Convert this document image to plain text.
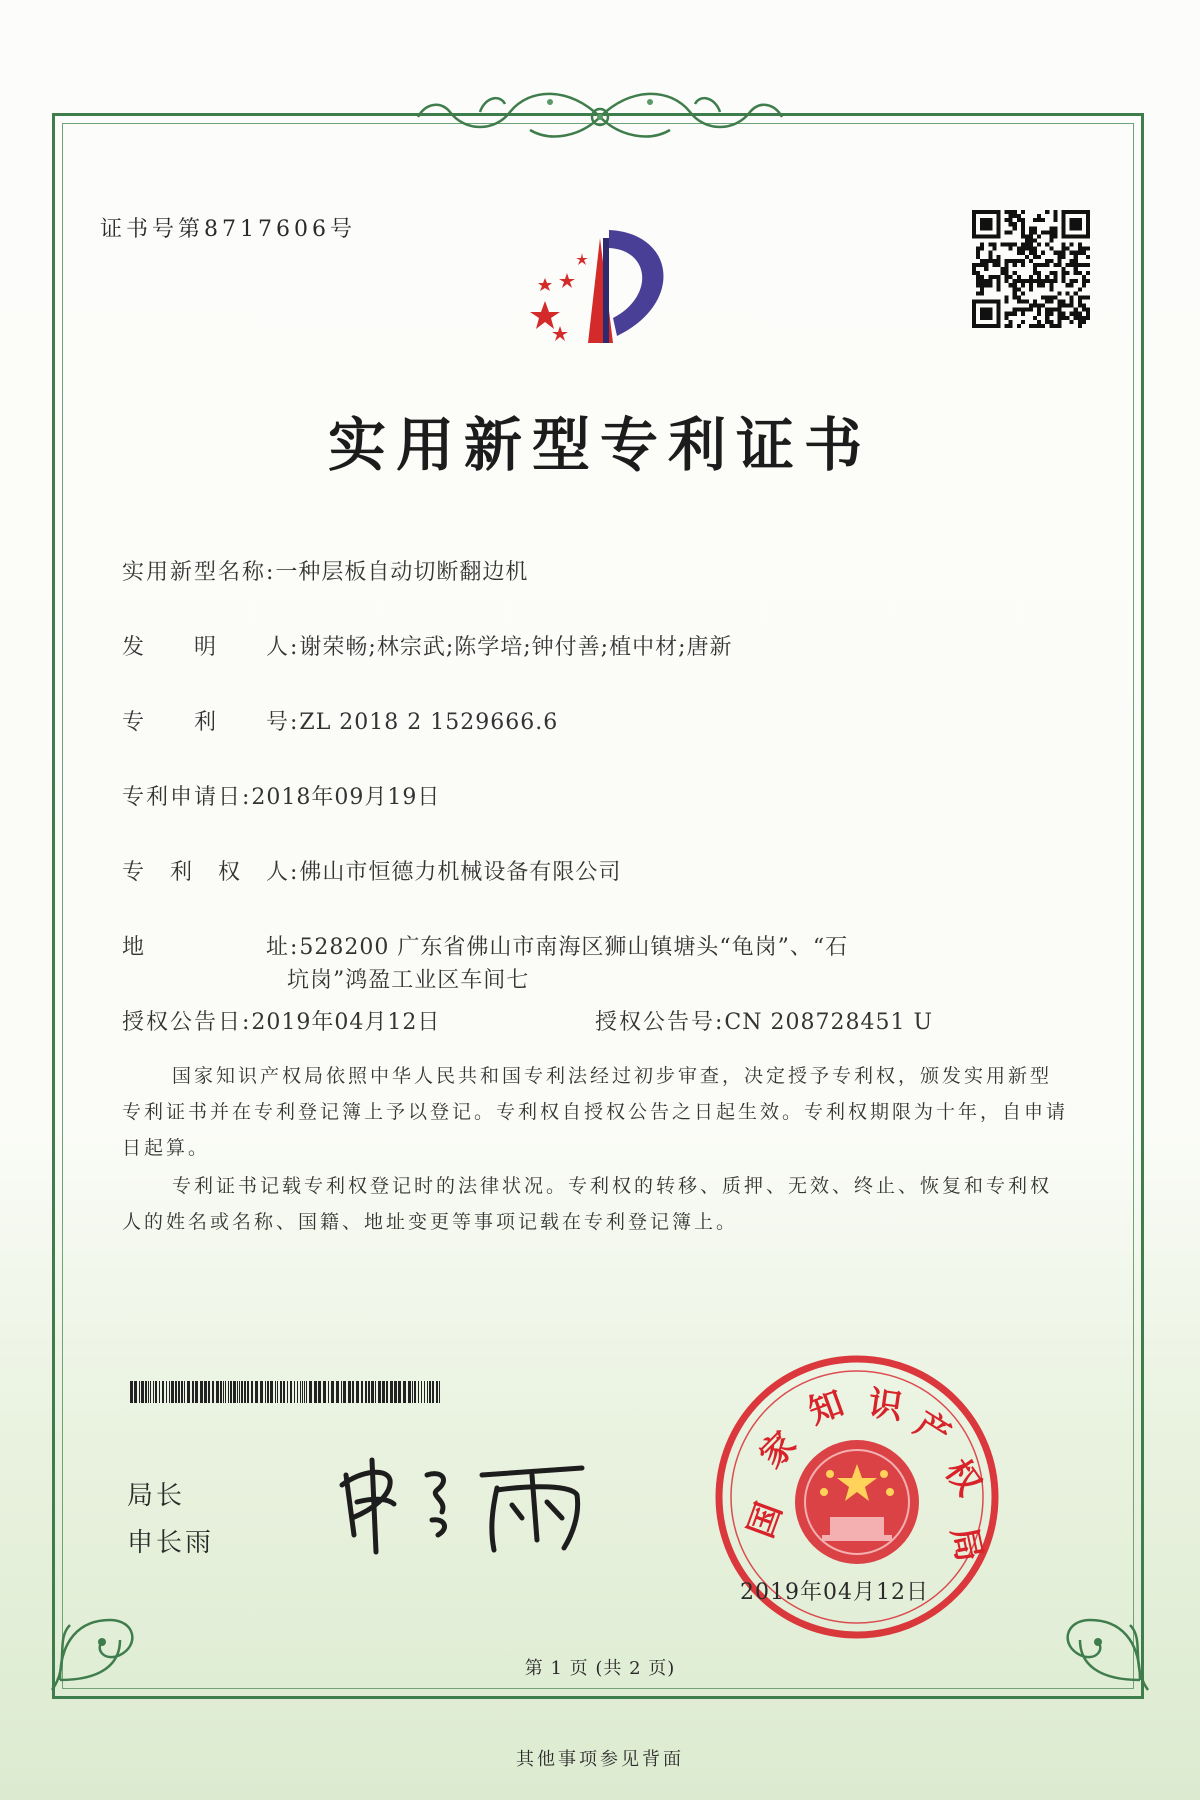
证书号第8717606号
实用新型专利证书
实用新型名称:一种层板自动切断翻边机
发　　明　　人:谢荣畅;林宗武;陈学培;钟付善;植中材;唐新
专　　利　　号:ZL 2018 2 1529666.6
专利申请日:2018年09月19日
专　利　权　人:佛山市恒德力机械设备有限公司
地　　　　　址:528200 广东省佛山市南海区狮山镇塘头“龟岗”、“石
坑岗”鸿盈工业区车间七
授权公告日:2019年04月12日	授权公告号:CN 208728451 U
国家知识产权局依照中华人民共和国专利法经过初步审查，决定授予专利权，颁发实用新型专利证书并在专利登记簿上予以登记。专利权自授权公告之日起生效。专利权期限为十年，自申请日起算。
专利证书记载专利权登记时的法律状况。专利权的转移、质押、无效、终止、恢复和专利权人的姓名或名称、国籍、地址变更等事项记载在专利登记簿上。
局长
申长雨	国
家
知 识 产
权
局
2019年04月12日
第 1 页 (共 2 页)
其他事项参见背面
